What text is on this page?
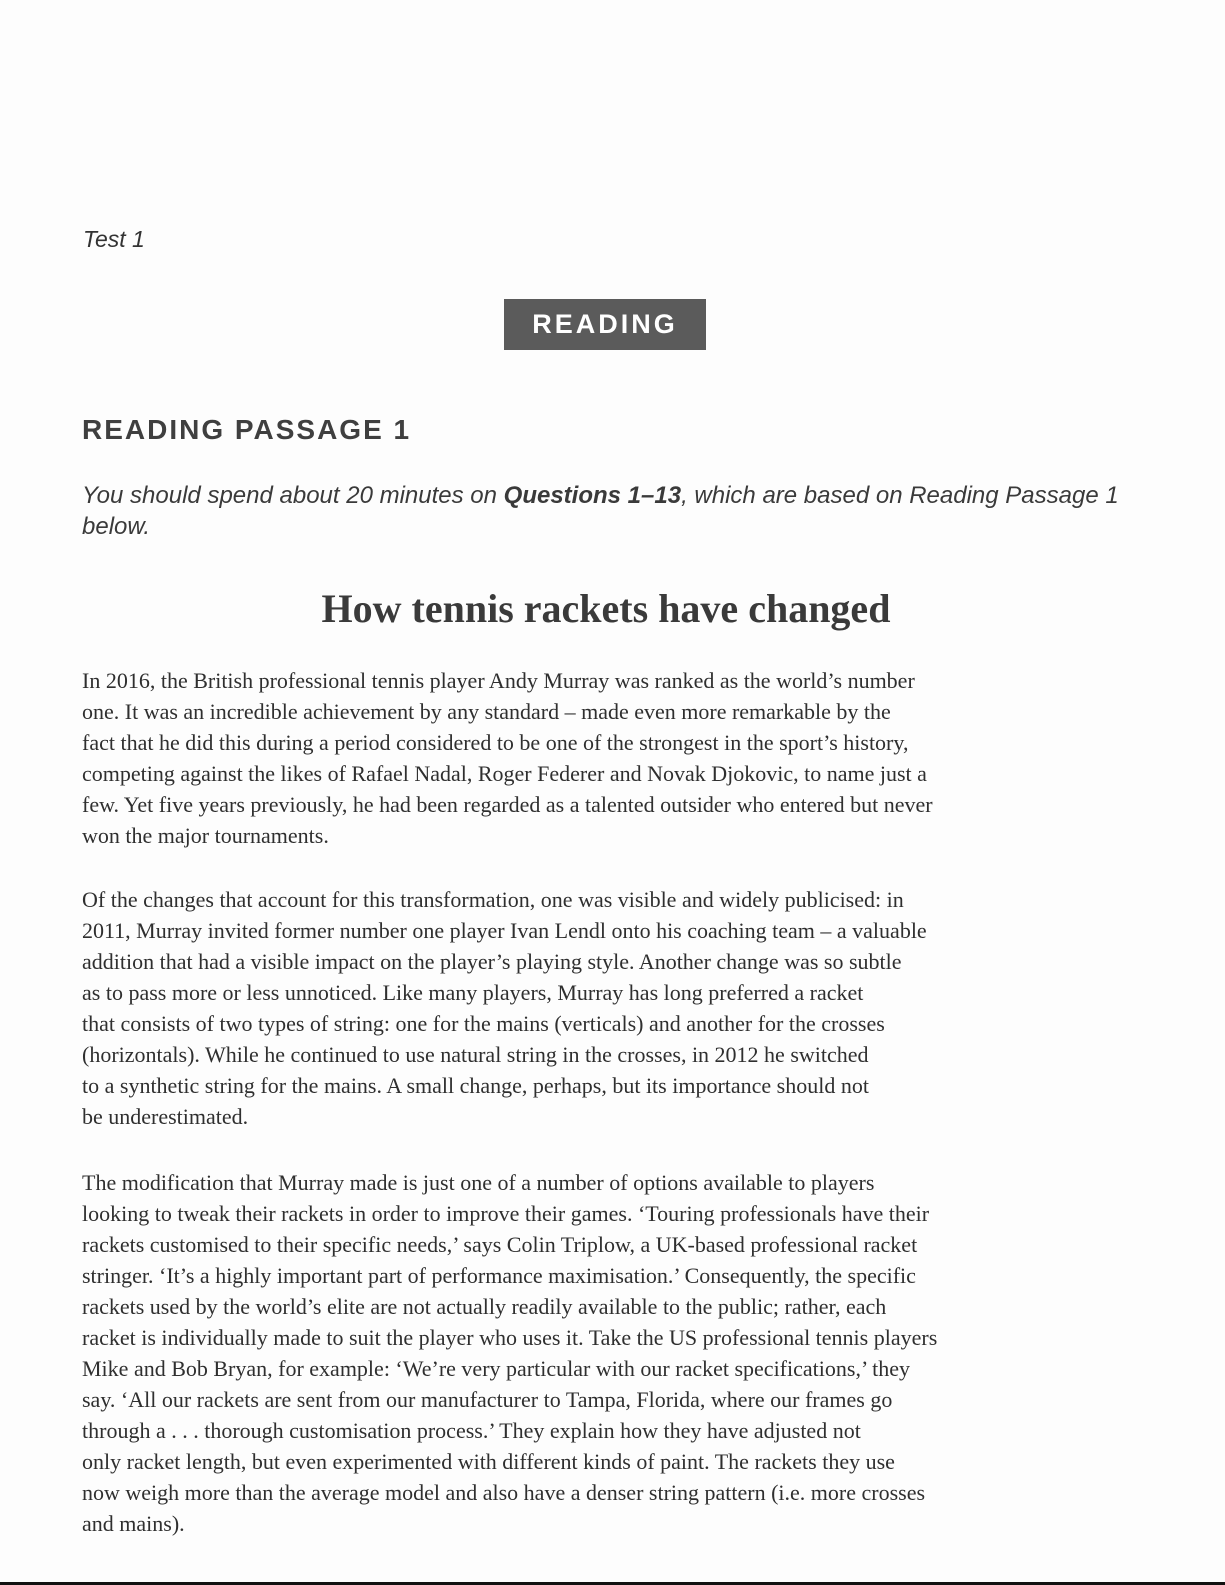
Test 1
READING
READING PASSAGE 1
You should spend about 20 minutes on Questions 1–13, which are based on Reading Passage 1 below.
How tennis rackets have changed

In 2016, the British professional tennis player Andy Murray was ranked as the world’s number
one. It was an incredible achievement by any standard – made even more remarkable by the
fact that he did this during a period considered to be one of the strongest in the sport’s history,
competing against the likes of Rafael Nadal, Roger Federer and Novak Djokovic, to name just a
few. Yet five years previously, he had been regarded as a talented outsider who entered but never
won the major tournaments.

Of the changes that account for this transformation, one was visible and widely publicised: in
2011, Murray invited former number one player Ivan Lendl onto his coaching team – a valuable
addition that had a visible impact on the player’s playing style. Another change was so subtle
as to pass more or less unnoticed. Like many players, Murray has long preferred a racket
that consists of two types of string: one for the mains (verticals) and another for the crosses
(horizontals). While he continued to use natural string in the crosses, in 2012 he switched
to a synthetic string for the mains. A small change, perhaps, but its importance should not
be underestimated.

The modification that Murray made is just one of a number of options available to players
looking to tweak their rackets in order to improve their games. ‘Touring professionals have their
rackets customised to their specific needs,’ says Colin Triplow, a UK-based professional racket
stringer. ‘It’s a highly important part of performance maximisation.’ Consequently, the specific
rackets used by the world’s elite are not actually readily available to the public; rather, each
racket is individually made to suit the player who uses it. Take the US professional tennis players
Mike and Bob Bryan, for example: ‘We’re very particular with our racket specifications,’ they
say. ‘All our rackets are sent from our manufacturer to Tampa, Florida, where our frames go
through a . . . thorough customisation process.’ They explain how they have adjusted not
only racket length, but even experimented with different kinds of paint. The rackets they use
now weigh more than the average model and also have a denser string pattern (i.e. more crosses
and mains).
